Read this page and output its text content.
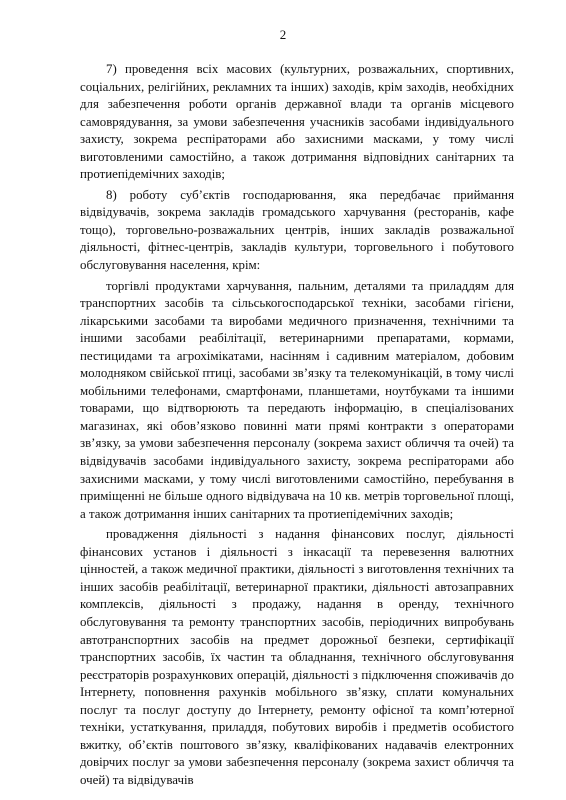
2

7) проведення всіх масових (культурних, розважальних, спортивних, соціальних, релігійних, рекламних та інших) заходів, крім заходів, необхідних для забезпечення роботи органів державної влади та органів місцевого самоврядування, за умови забезпечення учасників засобами індивідуального захисту, зокрема респіраторами або захисними масками, у тому числі виготовленими самостійно, а також дотримання відповідних санітарних та протиепідемічних заходів;

8) роботу суб’єктів господарювання, яка передбачає приймання відвідувачів, зокрема закладів громадського харчування (ресторанів, кафе тощо), торговельно-розважальних центрів, інших закладів розважальної діяльності, фітнес-центрів, закладів культури, торговельного і побутового обслуговування населення, крім:

торгівлі продуктами харчування, пальним, деталями та приладдям для транспортних засобів та сільськогосподарської техніки, засобами гігієни, лікарськими засобами та виробами медичного призначення, технічними та іншими засобами реабілітації, ветеринарними препаратами, кормами, пестицидами та агрохімікатами, насінням і садивним матеріалом, добовим молодняком свійської птиці, засобами зв’язку та телекомунікацій, в тому числі мобільними телефонами, смартфонами, планшетами, ноутбуками та іншими товарами, що відтворюють та передають інформацію, в спеціалізованих магазинах, які обов’язково повинні мати прямі контракти з операторами зв’язку, за умови забезпечення персоналу (зокрема захист обличчя та очей) та відвідувачів засобами індивідуального захисту, зокрема респіраторами або захисними масками, у тому числі виготовленими самостійно, перебування в приміщенні не більше одного відвідувача на 10 кв. метрів торговельної площі, а також дотримання інших санітарних та протиепідемічних заходів;

провадження діяльності з надання фінансових послуг, діяльності фінансових установ і діяльності з інкасації та перевезення валютних цінностей, а також медичної практики, діяльності з виготовлення технічних та інших засобів реабілітації, ветеринарної практики, діяльності автозаправних комплексів, діяльності з продажу, надання в оренду, технічного обслуговування та ремонту транспортних засобів, періодичних випробувань автотранспортних засобів на предмет дорожньої безпеки, сертифікації транспортних засобів, їх частин та обладнання, технічного обслуговування реєстраторів розрахункових операцій, діяльності з підключення споживачів до Інтернету, поповнення рахунків мобільного зв’язку, сплати комунальних послуг та послуг доступу до Інтернету, ремонту офісної та комп’ютерної техніки, устаткування, приладдя, побутових виробів і предметів особистого вжитку, об’єктів поштового зв’язку, кваліфікованих надавачів електронних довірчих послуг за умови забезпечення персоналу (зокрема захист обличчя та очей) та відвідувачів
